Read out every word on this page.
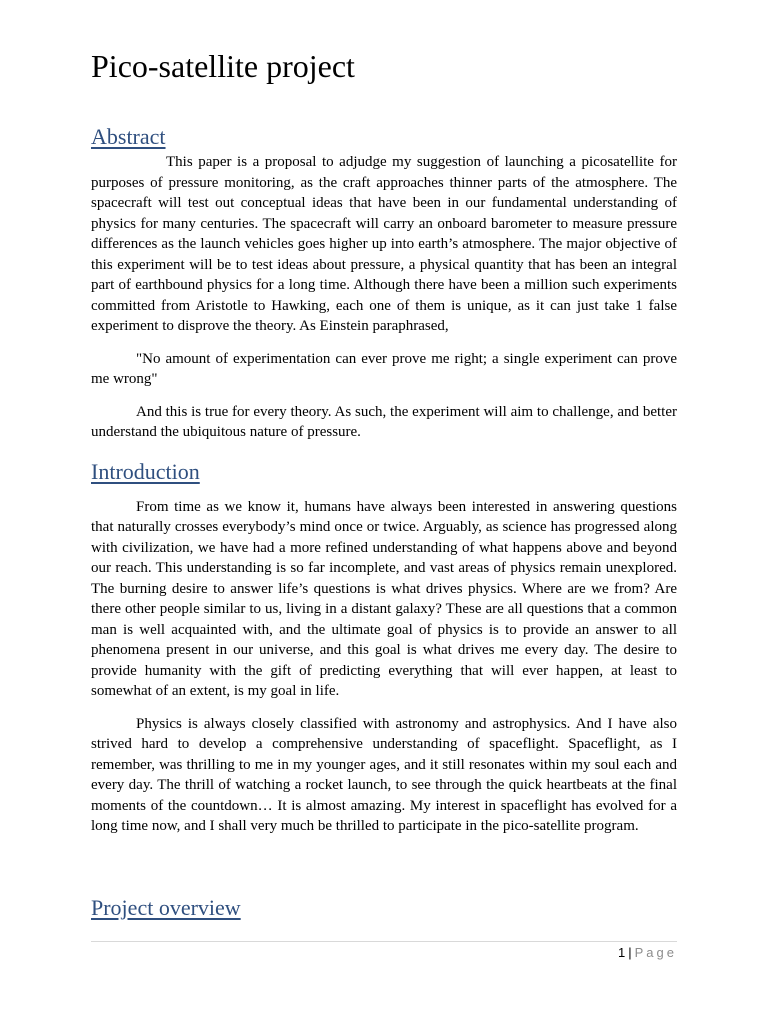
Pico-satellite project
Abstract

This paper is a proposal to adjudge my suggestion of launching a picosatellite for purposes of pressure monitoring, as the craft approaches thinner parts of the atmosphere. The spacecraft will test out conceptual ideas that have been in our fundamental understanding of physics for many centuries. The spacecraft will carry an onboard barometer to measure pressure differences as the launch vehicles goes higher up into earth’s atmosphere. The major objective of this experiment will be to test ideas about pressure, a physical quantity that has been an integral part of earthbound physics for a long time. Although there have been a million such experiments committed from Aristotle to Hawking, each one of them is unique, as it can just take 1 false experiment to disprove the theory. As Einstein paraphrased,

"No amount of experimentation can ever prove me right; a single experiment can prove me wrong"

And this is true for every theory. As such, the experiment will aim to challenge, and better understand the ubiquitous nature of pressure.

Introduction

From time as we know it, humans have always been interested in answering questions that naturally crosses everybody’s mind once or twice. Arguably, as science has progressed along with civilization, we have had a more refined understanding of what happens above and beyond our reach. This understanding is so far incomplete, and vast areas of physics remain unexplored. The burning desire to answer life’s questions is what drives physics. Where are we from? Are there other people similar to us, living in a distant galaxy? These are all questions that a common man is well acquainted with, and the ultimate goal of physics is to provide an answer to all phenomena present in our universe, and this goal is what drives me every day. The desire to provide humanity with the gift of predicting everything that will ever happen, at least to somewhat of an extent, is my goal in life.

Physics is always closely classified with astronomy and astrophysics. And I have also strived hard to develop a comprehensive understanding of spaceflight. Spaceflight, as I remember, was thrilling to me in my younger ages, and it still resonates within my soul each and every day. The thrill of watching a rocket launch, to see through the quick heartbeats at the final moments of the countdown… It is almost amazing. My interest in spaceflight has evolved for a long time now, and I shall very much be thrilled to participate in the pico-satellite program.

Project overview
1 | Page
